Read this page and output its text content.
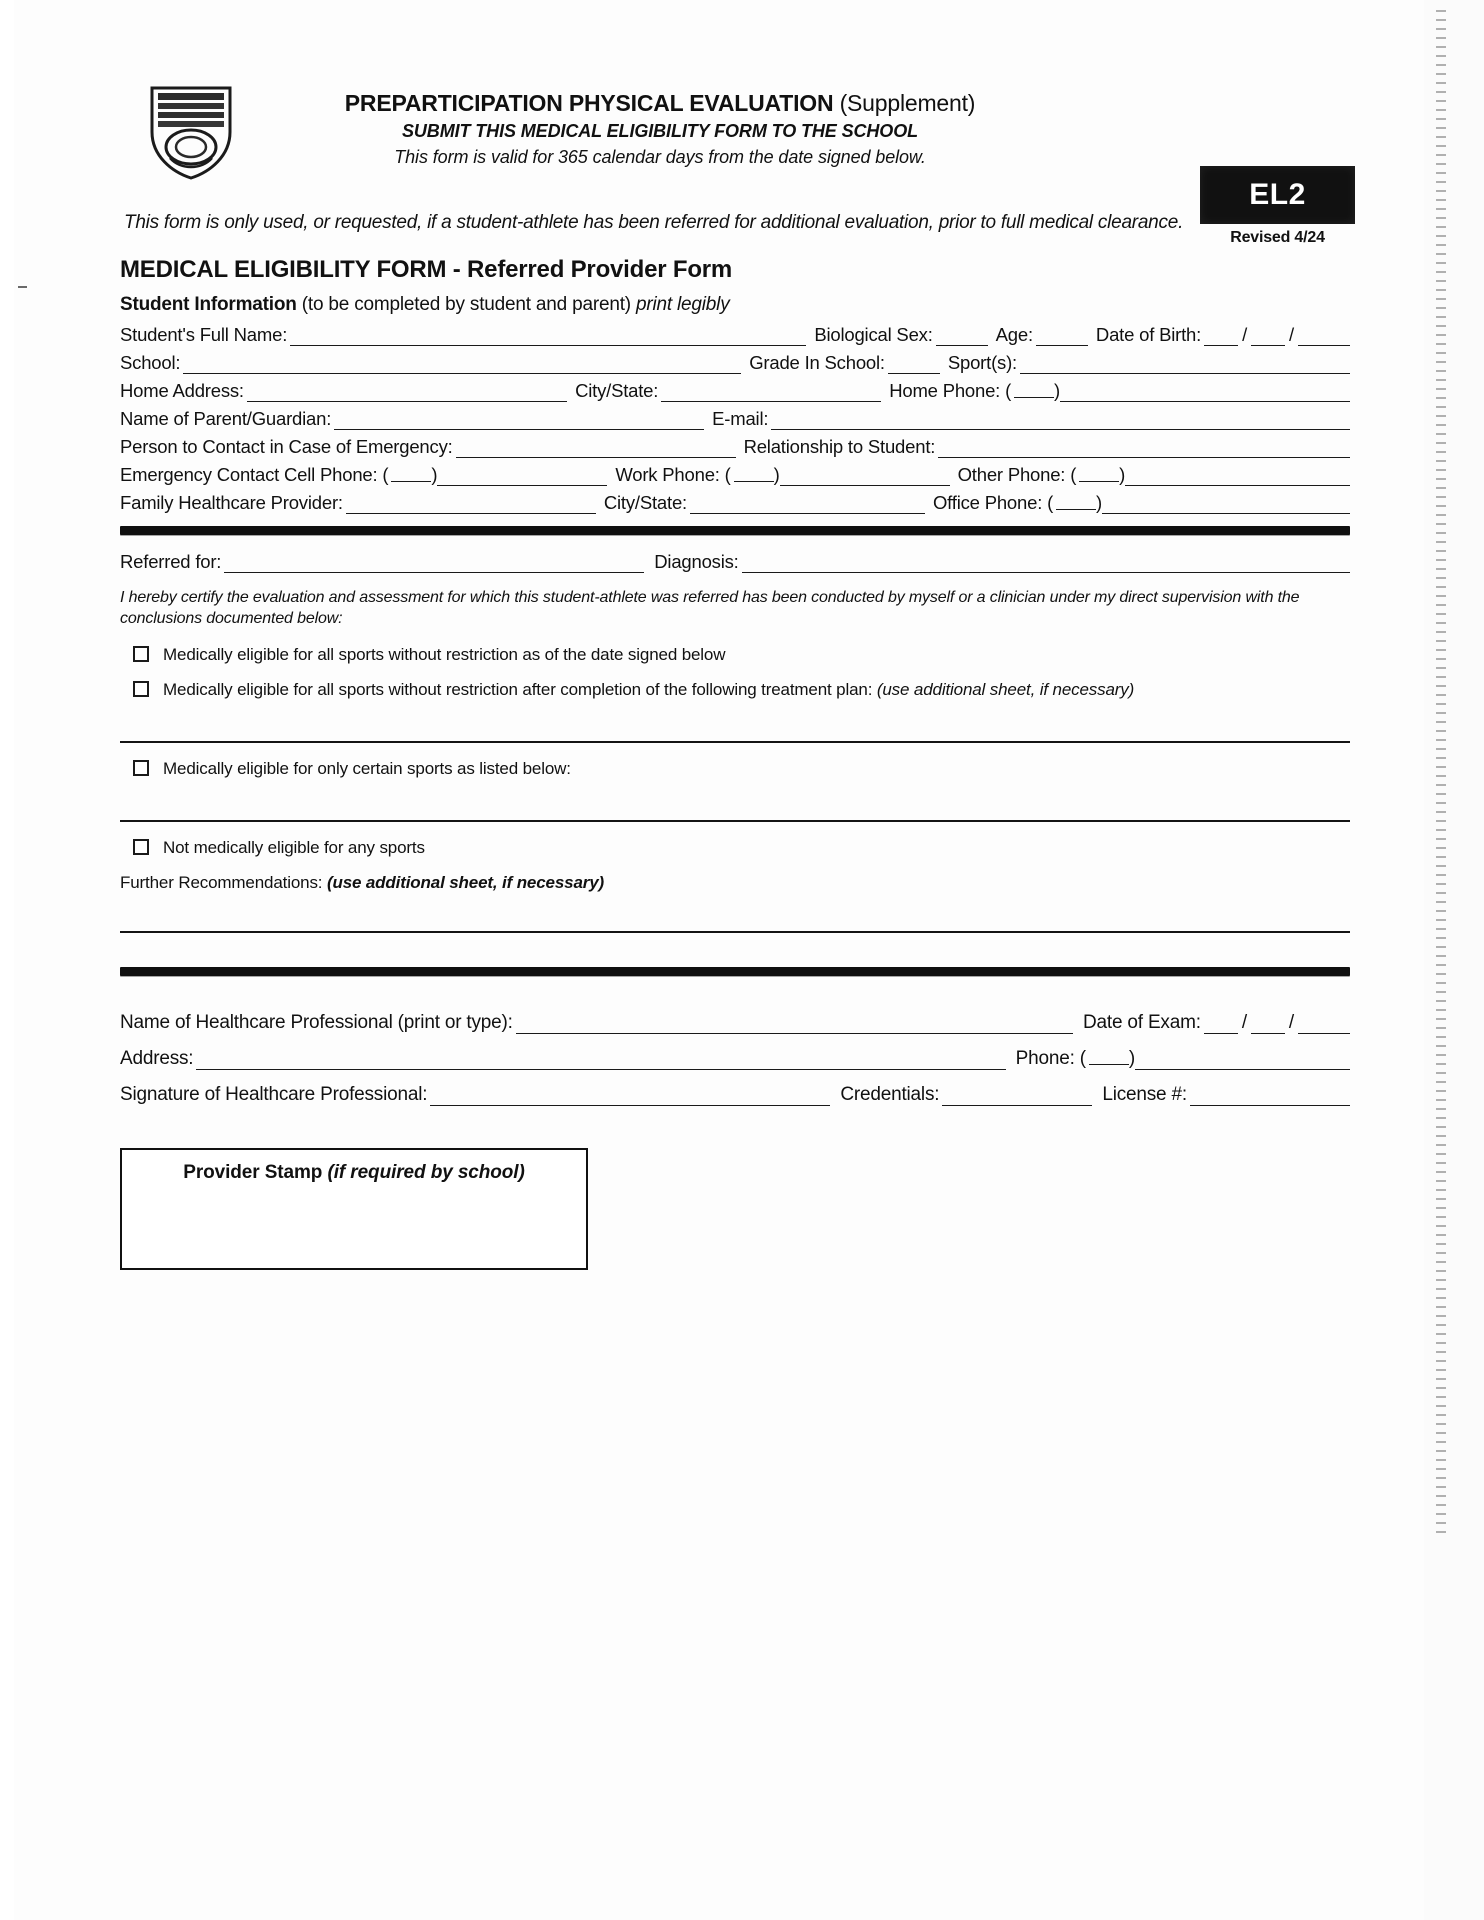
PREPARTICIPATION PHYSICAL EVALUATION (Supplement)
SUBMIT THIS MEDICAL ELIGIBILITY FORM TO THE SCHOOL
This form is valid for 365 calendar days from the date signed below.
EL2
Revised 4/24
This form is only used, or requested, if a student-athlete has been referred for additional evaluation, prior to full medical clearance.
MEDICAL ELIGIBILITY FORM - Referred Provider Form
Student Information (to be completed by student and parent) print legibly
Student's Full Name:	Biological Sex:	Age:	Date of Birth: / /
School:	Grade In School:	Sport(s):
Home Address:	City/State:	Home Phone: ( )
Name of Parent/Guardian:	E-mail:
Person to Contact in Case of Emergency:	Relationship to Student:
Emergency Contact Cell Phone: ( )	Work Phone: ( )	Other Phone: ( )
Family Healthcare Provider:	City/State:	Office Phone: ( )
Referred for:	Diagnosis:
I hereby certify the evaluation and assessment for which this student-athlete was referred has been conducted by myself or a clinician under my direct supervision with the conclusions documented below:
Medically eligible for all sports without restriction as of the date signed below
Medically eligible for all sports without restriction after completion of the following treatment plan: (use additional sheet, if necessary)
Medically eligible for only certain sports as listed below:
Not medically eligible for any sports
Further Recommendations: (use additional sheet, if necessary)
Name of Healthcare Professional (print or type):	Date of Exam: / /
Address:	Phone: ( )
Signature of Healthcare Professional:	Credentials:	License #:
Provider Stamp (if required by school)
